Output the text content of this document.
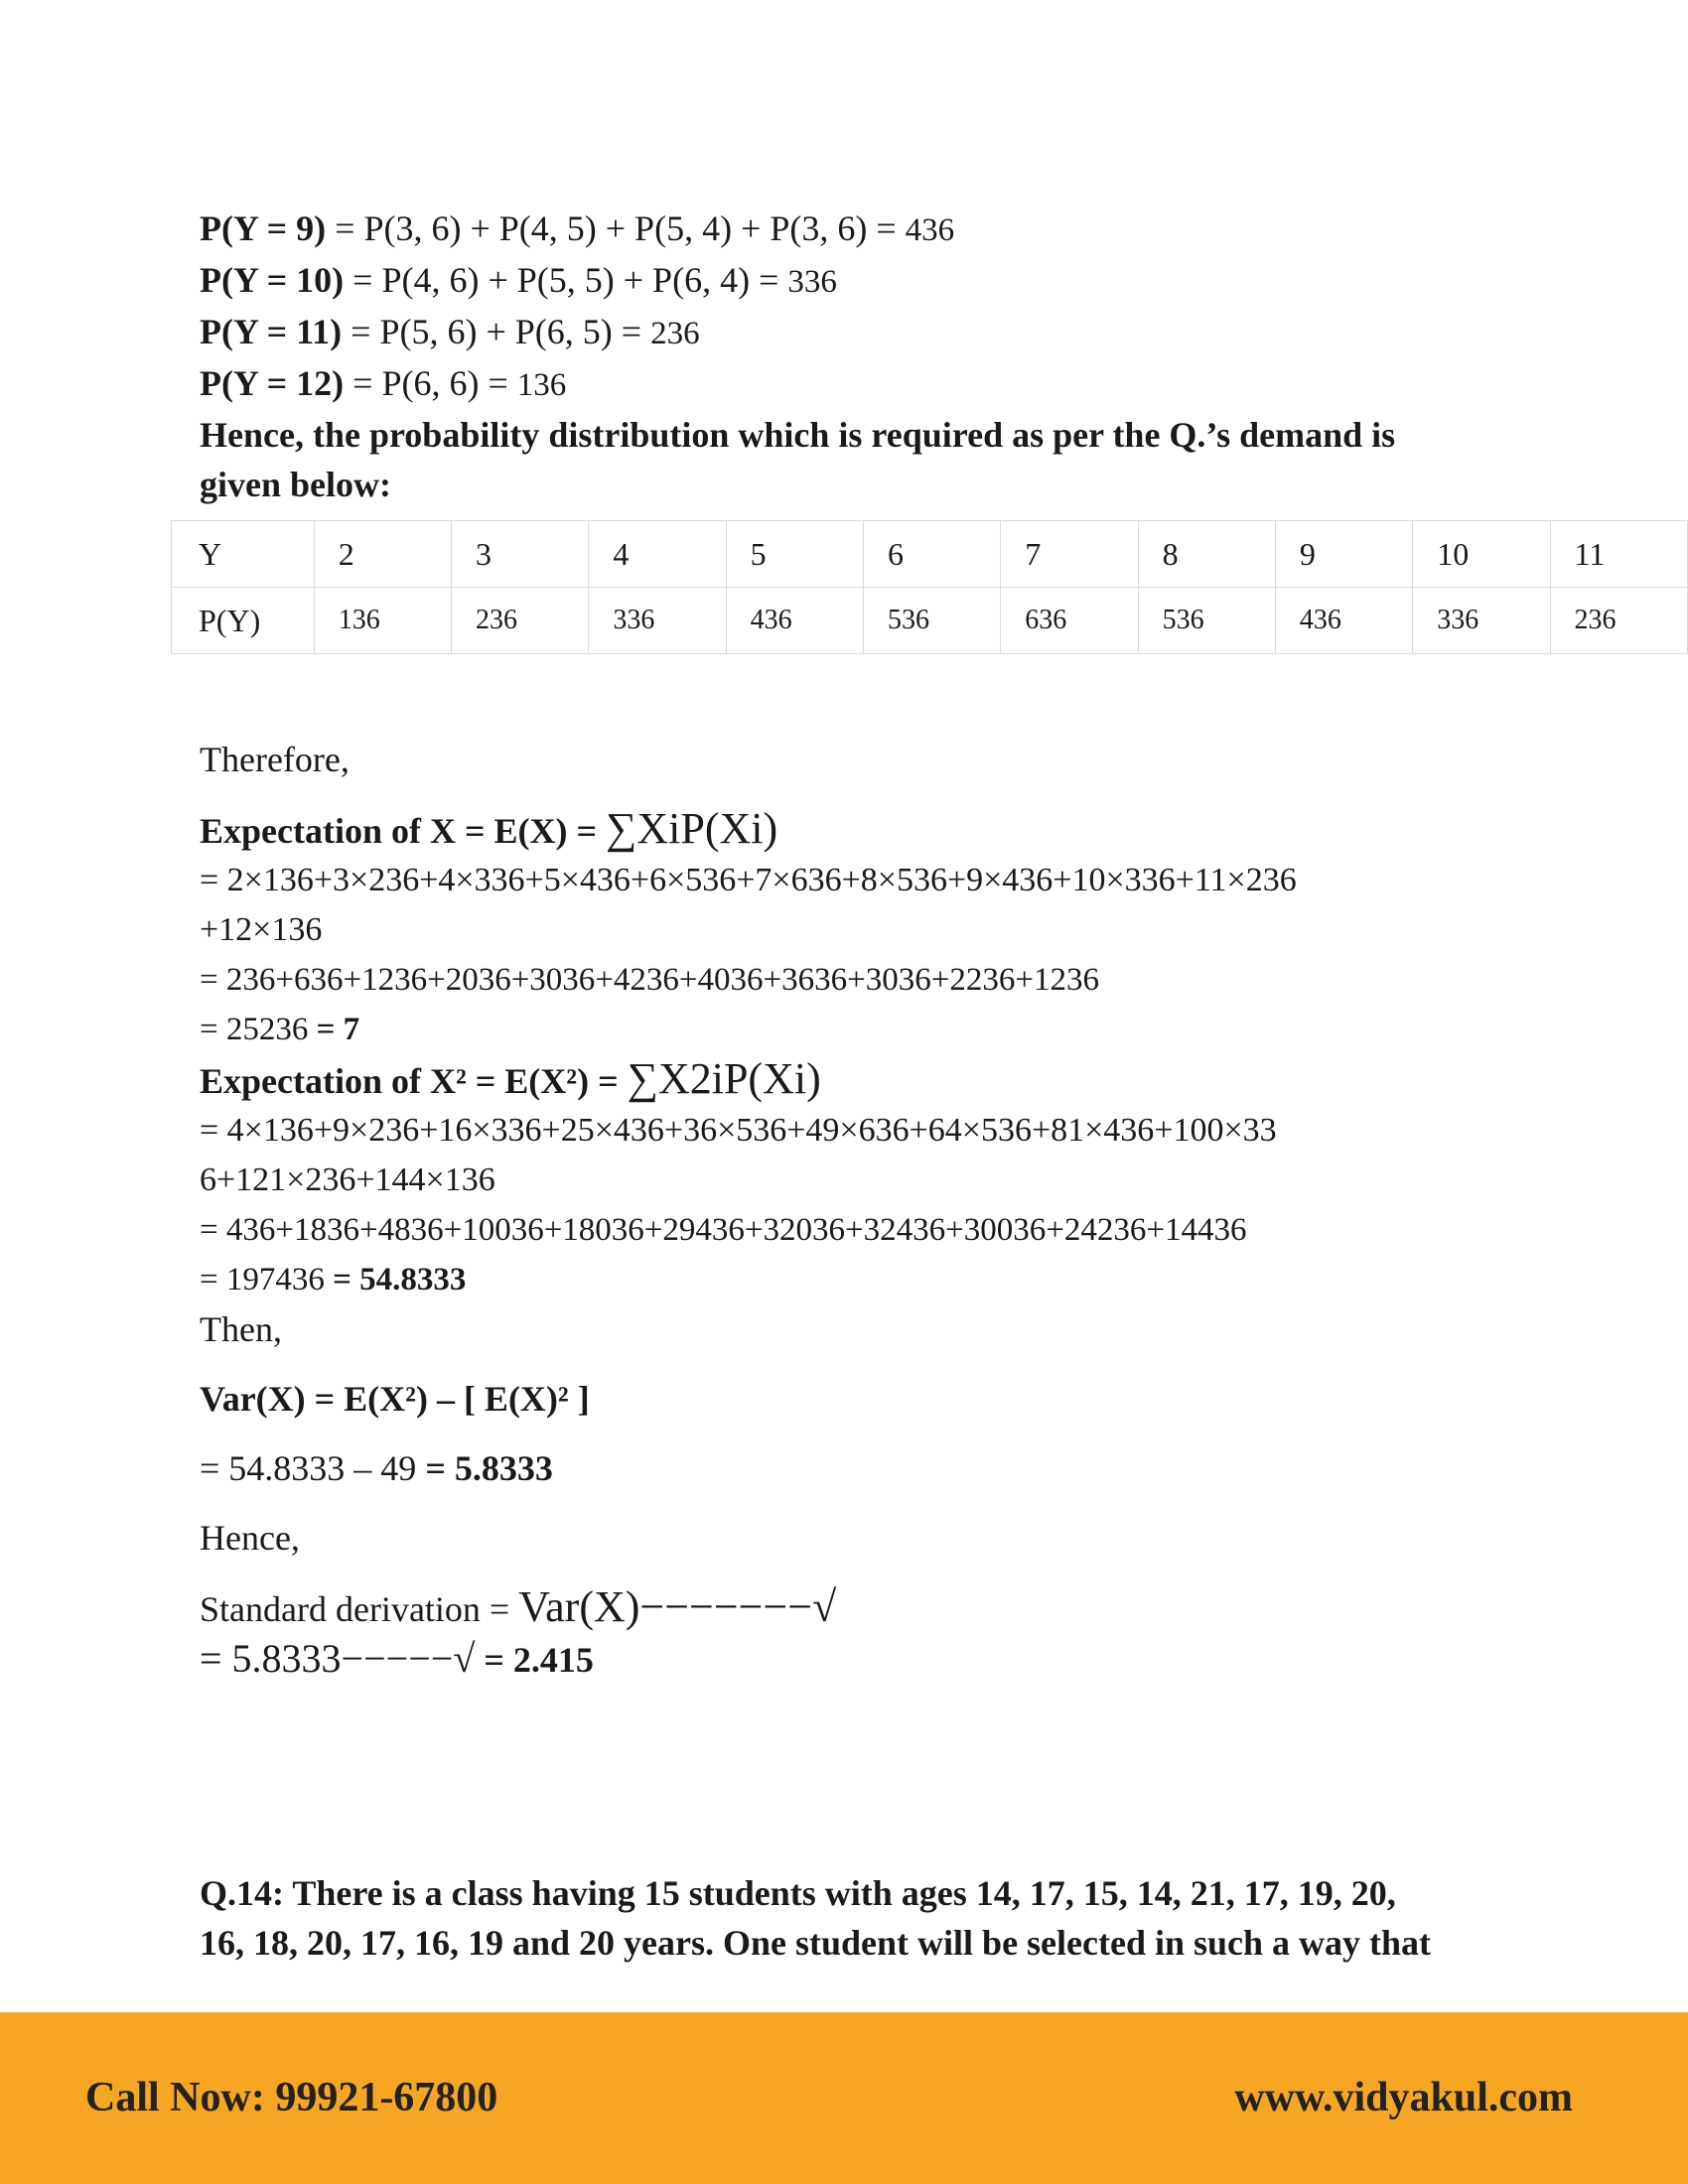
P(Y = 9) = P(3, 6) + P(4, 5) + P(5, 4) + P(3, 6) = 436
P(Y = 10) = P(4, 6) + P(5, 5) + P(6, 4) = 336
P(Y = 11) = P(5, 6) + P(6, 5) = 236
P(Y = 12) = P(6, 6) = 136
Hence, the probability distribution which is required as per the Q.’s demand is
given below:
Y	2	3	4	5	6	7	8	9	10	11
P(Y)	136	236	336	436	536	636	536	436	336	236
Therefore,
Expectation of X = E(X) = ∑XiP(Xi)
= 2×136+3×236+4×336+5×436+6×536+7×636+8×536+9×436+10×336+11×236
+12×136
= 236+636+1236+2036+3036+4236+4036+3636+3036+2236+1236
= 25236 = 7
Expectation of X² = E(X²) = ∑X2iP(Xi)
= 4×136+9×236+16×336+25×436+36×536+49×636+64×536+81×436+100×33
6+121×236+144×136
= 436+1836+4836+10036+18036+29436+32036+32436+30036+24236+14436
= 197436 = 54.8333
Then,
Var(X) = E(X²) – [ E(X)² ]
= 54.8333 – 49 = 5.8333
Hence,
Standard derivation = Var(X)−−−−−−−√
= 5.8333−−−−−√ = 2.415
Q.14: There is a class having 15 students with ages 14, 17, 15, 14, 21, 17, 19, 20,
16, 18, 20, 17, 16, 19 and 20 years. One student will be selected in such a way that
Call Now: 99921-67800	www.vidyakul.com
